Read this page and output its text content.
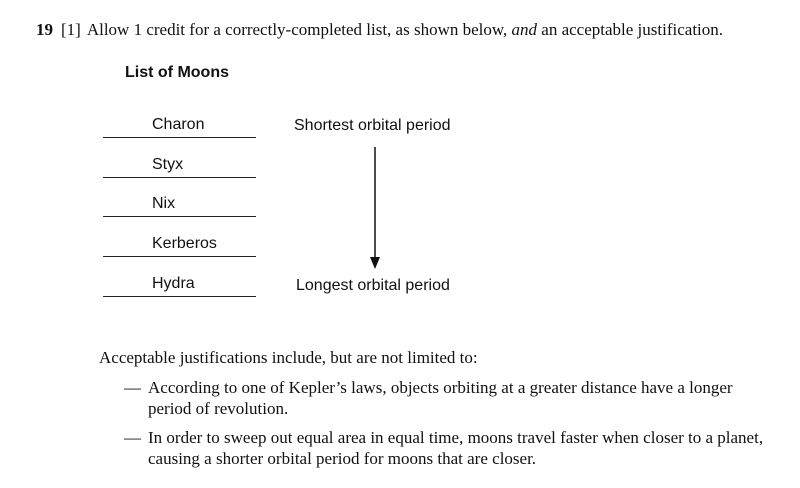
19 [1] Allow 1 credit for a correctly-completed list, as shown below, and an acceptable justification.
List of Moons
Charon
Styx
Nix
Kerberos
Hydra
Shortest orbital period
Longest orbital period
Acceptable justifications include, but are not limited to:
— According to one of Kepler’s laws, objects orbiting at a greater distance have a longer period of revolution.
— In order to sweep out equal area in equal time, moons travel faster when closer to a planet, causing a shorter orbital period for moons that are closer.
